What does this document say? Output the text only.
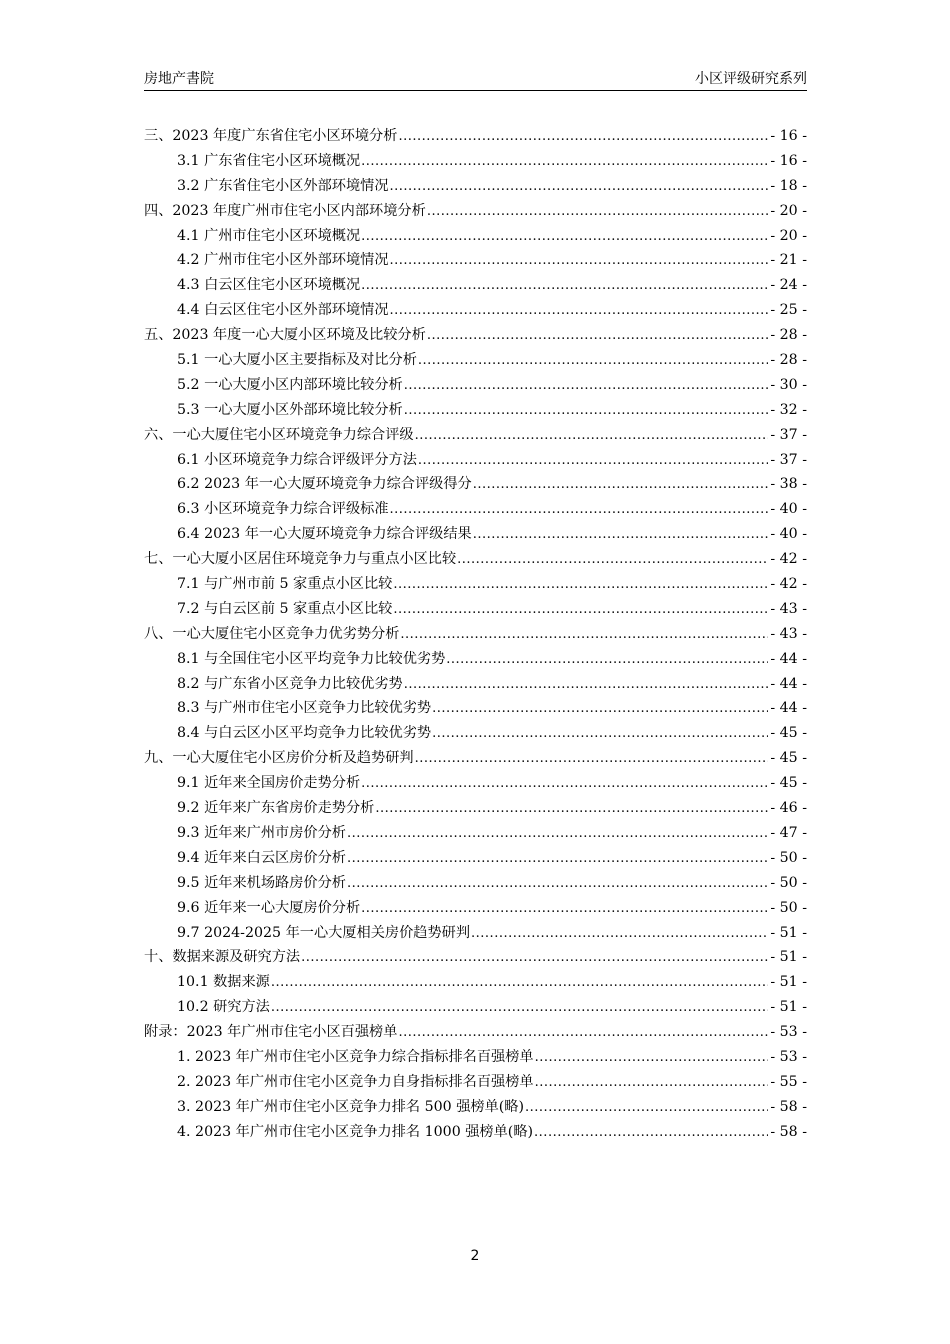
房地产書院	小区评级研究系列
三、2023 年度广东省住宅小区环境分析 .....	- 16 -
3.1 广东省住宅小区环境概况 .....	- 16 -
3.2 广东省住宅小区外部环境情况 .....	- 18 -
四、2023 年度广州市住宅小区内部环境分析 .....	- 20 -
4.1 广州市住宅小区环境概况 .....	- 20 -
4.2 广州市住宅小区外部环境情况 .....	- 21 -
4.3 白云区住宅小区环境概况 .....	- 24 -
4.4 白云区住宅小区外部环境情况 .....	- 25 -
五、2023 年度一心大厦小区环境及比较分析 .....	- 28 -
5.1 一心大厦小区主要指标及对比分析 .....	- 28 -
5.2 一心大厦小区内部环境比较分析 .....	- 30 -
5.3 一心大厦小区外部环境比较分析 .....	- 32 -
六、一心大厦住宅小区环境竞争力综合评级 .....	- 37 -
6.1 小区环境竞争力综合评级评分方法 .....	- 37 -
6.2 2023 年一心大厦环境竞争力综合评级得分 .....	- 38 -
6.3 小区环境竞争力综合评级标准 .....	- 40 -
6.4 2023 年一心大厦环境竞争力综合评级结果 .....	- 40 -
七、一心大厦小区居住环境竞争力与重点小区比较 .....	- 42 -
7.1 与广州市前 5 家重点小区比较 .....	- 42 -
7.2 与白云区前 5 家重点小区比较 .....	- 43 -
八、一心大厦住宅小区竞争力优劣势分析 .....	- 43 -
8.1 与全国住宅小区平均竞争力比较优劣势 .....	- 44 -
8.2 与广东省小区竞争力比较优劣势 .....	- 44 -
8.3 与广州市住宅小区竞争力比较优劣势 .....	- 44 -
8.4 与白云区小区平均竞争力比较优劣势 .....	- 45 -
九、一心大厦住宅小区房价分析及趋势研判 .....	- 45 -
9.1 近年来全国房价走势分析 .....	- 45 -
9.2 近年来广东省房价走势分析 .....	- 46 -
9.3 近年来广州市房价分析 .....	- 47 -
9.4 近年来白云区房价分析 .....	- 50 -
9.5 近年来机场路房价分析 .....	- 50 -
9.6 近年来一心大厦房价分析 .....	- 50 -
9.7 2024-2025 年一心大厦相关房价趋势研判 .....	- 51 -
十、数据来源及研究方法 .....	- 51 -
10.1 数据来源 .....	- 51 -
10.2 研究方法 .....	- 51 -
附录：2023 年广州市住宅小区百强榜单 .....	- 53 -
1. 2023 年广州市住宅小区竞争力综合指标排名百强榜单 .....	- 53 -
2. 2023 年广州市住宅小区竞争力自身指标排名百强榜单 .....	- 55 -
3. 2023 年广州市住宅小区竞争力排名 500 强榜单(略) .....	- 58 -
4. 2023 年广州市住宅小区竞争力排名 1000 强榜单(略) .....	- 58 -
2
